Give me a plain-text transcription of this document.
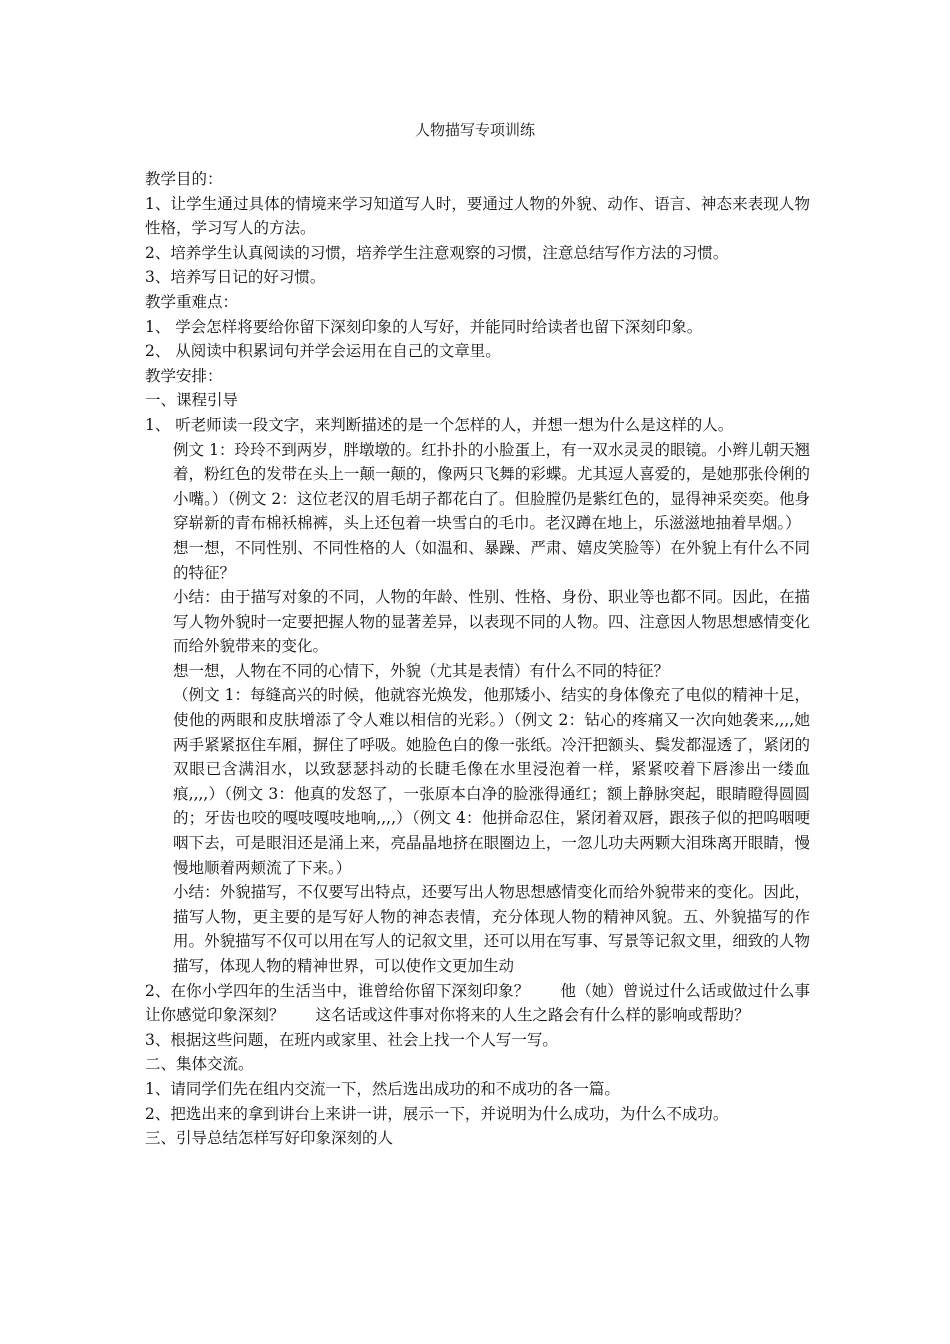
人物描写专项训练

教学目的：

1、让学生通过具体的情境来学习知道写人时，要通过人物的外貌、动作、语言、神态来表现人物性格，学习写人的方法。

2、培养学生认真阅读的习惯，培养学生注意观察的习惯，注意总结写作方法的习惯。

3、培养写日记的好习惯。

教学重难点：

1、 学会怎样将要给你留下深刻印象的人写好，并能同时给读者也留下深刻印象。

2、 从阅读中积累词句并学会运用在自己的文章里。

教学安排：

一、课程引导

1、 听老师读一段文字，来判断描述的是一个怎样的人，并想一想为什么是这样的人。

例文 1：玲玲不到两岁，胖墩墩的。红扑扑的小脸蛋上，有一双水灵灵的眼镜。小辫儿朝天翘着，粉红色的发带在头上一颠一颠的，像两只飞舞的彩蝶。尤其逗人喜爱的，是她那张伶俐的小嘴。）（例文 2：这位老汉的眉毛胡子都花白了。但脸膛仍是紫红色的，显得神采奕奕。他身穿崭新的青布棉袄棉裤，头上还包着一块雪白的毛巾。老汉蹲在地上，乐滋滋地抽着旱烟。）

想一想，不同性别、不同性格的人（如温和、暴躁、严肃、嬉皮笑脸等）在外貌上有什么不同的特征？

小结：由于描写对象的不同，人物的年龄、性别、性格、身份、职业等也都不同。因此，在描写人物外貌时一定要把握人物的显著差异，以表现不同的人物。四、注意因人物思想感情变化而给外貌带来的变化。

想一想，人物在不同的心情下，外貌（尤其是表情）有什么不同的特征？

（例文 1：每缝高兴的时候，他就容光焕发，他那矮小、结实的身体像充了电似的精神十足，使他的两眼和皮肤增添了令人难以相信的光彩。）（例文 2：钻心的疼痛又一次向她袭来,,,,她两手紧紧抠住车厢，摒住了呼吸。她脸色白的像一张纸。冷汗把额头、鬓发都湿透了，紧闭的双眼已含满泪水，以致瑟瑟抖动的长睫毛像在水里浸泡着一样，紧紧咬着下唇渗出一缕血痕,,,,）（例文 3：他真的发怒了，一张原本白净的脸涨得通红；额上静脉突起，眼睛瞪得圆圆的；牙齿也咬的嘎吱嘎吱地响,,,,）（例文 4：他拼命忍住，紧闭着双唇，跟孩子似的把呜咽哽咽下去，可是眼泪还是涌上来，亮晶晶地挤在眼圈边上，一忽儿功夫两颗大泪珠离开眼睛，慢慢地顺着两颊流了下来。）

小结：外貌描写，不仅要写出特点，还要写出人物思想感情变化而给外貌带来的变化。因此，描写人物，更主要的是写好人物的神态表情，充分体现人物的精神风貌。五、外貌描写的作用。外貌描写不仅可以用在写人的记叙文里，还可以用在写事、写景等记叙文里，细致的人物描写，体现人物的精神世界，可以使作文更加生动

2、在你小学四年的生活当中，谁曾给你留下深刻印象？　　他（她）曾说过什么话或做过什么事让你感觉印象深刻？　　这名话或这件事对你将来的人生之路会有什么样的影响或帮助？

3、根据这些问题，在班内或家里、社会上找一个人写一写。

二、集体交流。

1、请同学们先在组内交流一下，然后选出成功的和不成功的各一篇。

2、把选出来的拿到讲台上来讲一讲，展示一下，并说明为什么成功，为什么不成功。

三、引导总结怎样写好印象深刻的人
